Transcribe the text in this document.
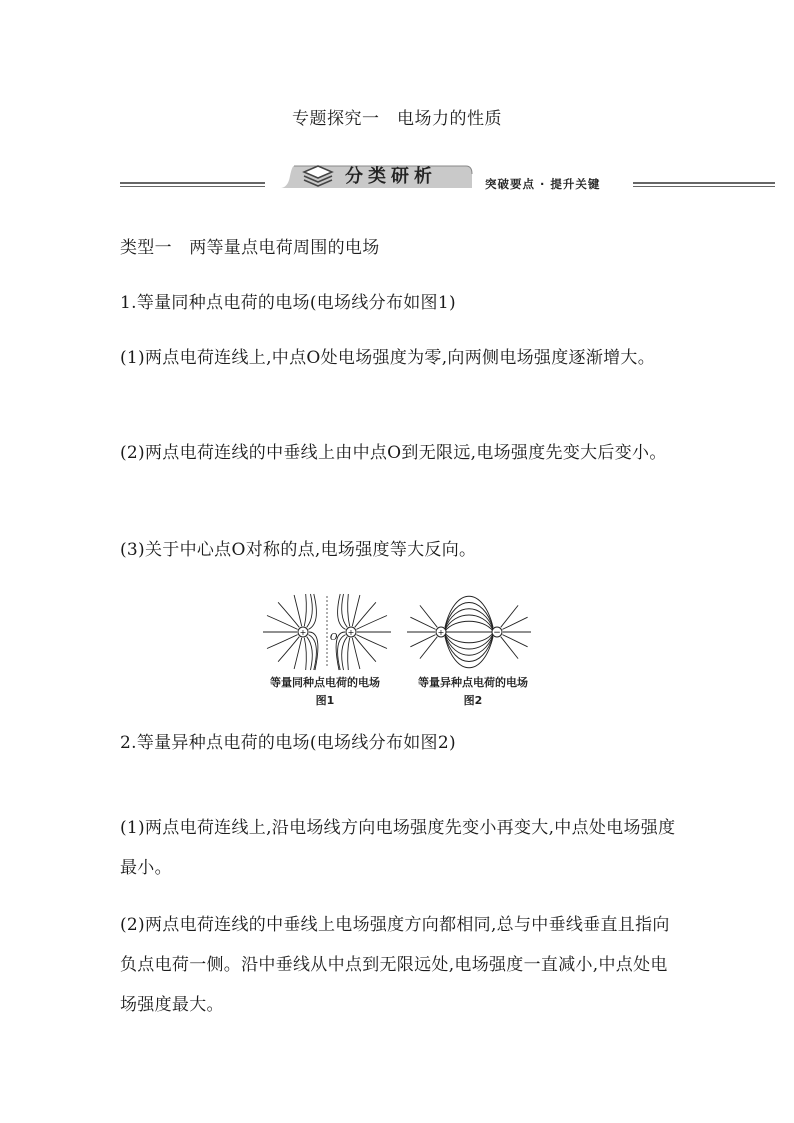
专题探究一　电场力的性质
分类研析	突破要点 · 提升关键
类型一　两等量点电荷周围的电场
1.等量同种点电荷的电场(电场线分布如图1)
(1)两点电荷连线上,中点O处电场强度为零,向两侧电场强度逐渐增大。
(2)两点电荷连线的中垂线上由中点O到无限远,电场强度先变大后变小。
(3)关于中心点O对称的点,电场强度等大反向。
+	+
O
+	−
等量同种点电荷的电场
图1
等量异种点电荷的电场
图2
2.等量异种点电荷的电场(电场线分布如图2)
(1)两点电荷连线上,沿电场线方向电场强度先变小再变大,中点处电场强度最小。
(2)两点电荷连线的中垂线上电场强度方向都相同,总与中垂线垂直且指向负点电荷一侧。沿中垂线从中点到无限远处,电场强度一直减小,中点处电场强度最大。
